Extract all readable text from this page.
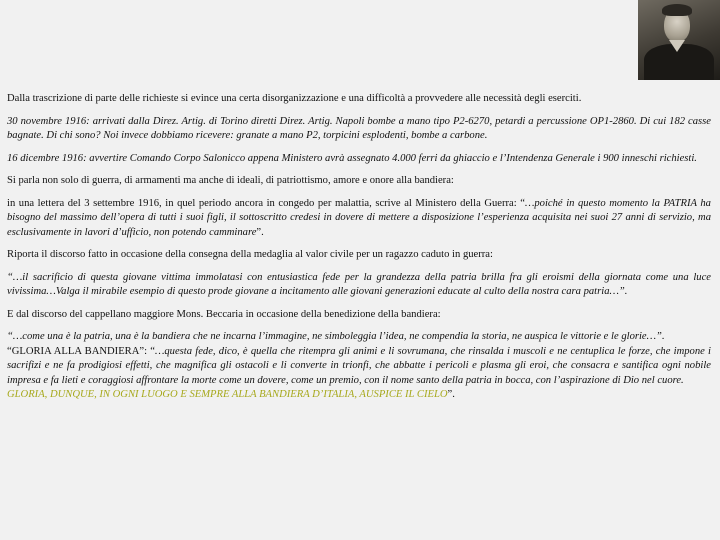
Dalla trascrizione di parte delle richieste si evince una certa disorganizzazione e una difficoltà a provvedere alle necessità degli eserciti.

30 novembre 1916: arrivati dalla Direz. Artig. di Torino diretti Direz. Artig. Napoli bombe a mano tipo P2-6270, petardi a percussione OP1-2860. Di cui 182 casse bagnate. Di chi sono? Noi invece dobbiamo ricevere: granate a mano P2, torpicini esplodenti, bombe a carbone.

16 dicembre 1916: avvertire Comando Corpo Salonicco appena Ministero avrà assegnato 4.000 ferri da ghiaccio e l’Intendenza Generale i 900 inneschi richiesti.

Si parla non solo di guerra, di armamenti ma anche di ideali, di patriottismo, amore e onore alla bandiera:

in una lettera del 3 settembre 1916, in quel periodo ancora in congedo per malattia, scrive al Ministero della Guerra: “…poiché in questo momento la PATRIA ha bisogno del massimo dell’opera di tutti i suoi figli, il sottoscritto credesi in dovere di mettere a disposizione l’esperienza acquisita nei suoi 27 anni di servizio, ma esclusivamente in lavori d’ufficio, non potendo camminare”.

Riporta il discorso fatto in occasione della consegna della medaglia al valor civile per un ragazzo caduto in guerra:

“…il sacrificio di questa giovane vittima immolatasi con entusiastica fede per la grandezza della patria brilla fra gli eroismi della giornata come una luce vivissima…Valga il mirabile esempio di questo prode giovane a incitamento alle giovani generazioni educate al culto della nostra cara patria…”.

E dal discorso del cappellano maggiore Mons. Beccaria in occasione della benedizione della bandiera:

“…come una è la patria, una è la bandiera che ne incarna l’immagine, ne simboleggia l’idea, ne compendia la storia, ne auspica le vittorie e le glorie…”.
“GLORIA ALLA BANDIERA”: “…questa fede, dico, è quella che ritempra gli animi e li sovrumana, che rinsalda i muscoli e ne centuplica le forze, che impone i sacrifizi e ne fa prodigiosi effetti, che magnifica gli ostacoli e li converte in trionfi, che abbatte i pericoli e plasma gli eroi, che consacra e santifica ogni nobile impresa e fa lieti e coraggiosi affrontare la morte come un dovere, come un premio, con il nome santo della patria in bocca, con l’aspirazione di Dio nel cuore.
GLORIA, DUNQUE, IN OGNI LUOGO E SEMPRE ALLA BANDIERA D’ITALIA, AUSPICE IL CIELO”.
